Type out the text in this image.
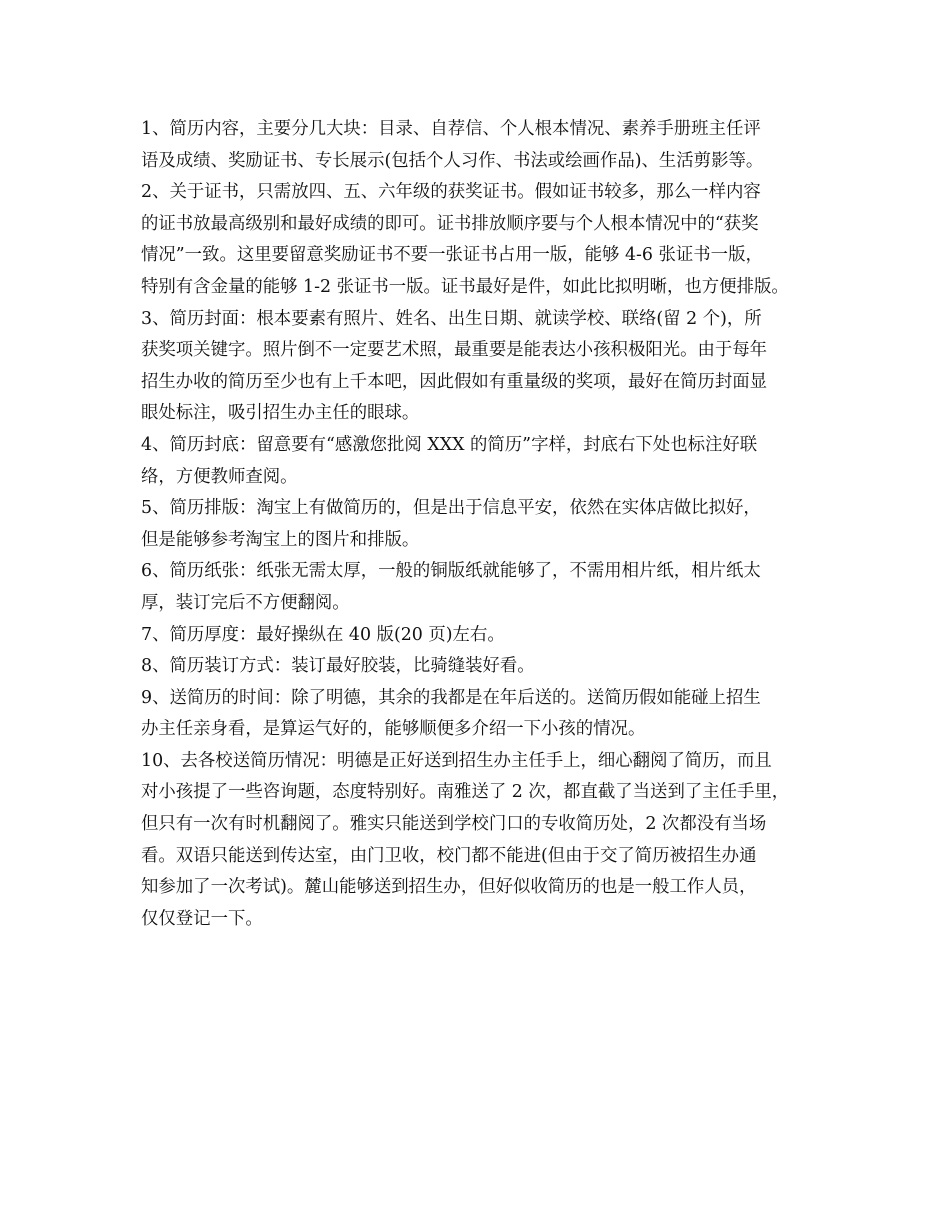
1、简历内容，主要分几大块：目录、自荐信、个人根本情况、素养手册班主任评
语及成绩、奖励证书、专长展示(包括个人习作、书法或绘画作品)、生活剪影等。
2、关于证书，只需放四、五、六年级的获奖证书。假如证书较多，那么一样内容
的证书放最高级别和最好成绩的即可。证书排放顺序要与个人根本情况中的“获奖
情况”一致。这里要留意奖励证书不要一张证书占用一版，能够 4-6 张证书一版，
特别有含金量的能够 1-2 张证书一版。证书最好是件，如此比拟明晰，也方便排版。
3、简历封面：根本要素有照片、姓名、出生日期、就读学校、联络(留 2 个)，所
获奖项关键字。照片倒不一定要艺术照，最重要是能表达小孩积极阳光。由于每年
招生办收的简历至少也有上千本吧，因此假如有重量级的奖项，最好在简历封面显
眼处标注，吸引招生办主任的眼球。
4、简历封底：留意要有“感激您批阅 XXX 的简历”字样，封底右下处也标注好联
络，方便教师查阅。
5、简历排版：淘宝上有做简历的，但是出于信息平安，依然在实体店做比拟好，
但是能够参考淘宝上的图片和排版。
6、简历纸张：纸张无需太厚，一般的铜版纸就能够了，不需用相片纸，相片纸太
厚，装订完后不方便翻阅。
7、简历厚度：最好操纵在 40 版(20 页)左右。
8、简历装订方式：装订最好胶装，比骑缝装好看。
9、送简历的时间：除了明德，其余的我都是在年后送的。送简历假如能碰上招生
办主任亲身看，是算运气好的，能够顺便多介绍一下小孩的情况。
10、去各校送简历情况：明德是正好送到招生办主任手上，细心翻阅了简历，而且
对小孩提了一些咨询题，态度特别好。南雅送了 2 次，都直截了当送到了主任手里，
但只有一次有时机翻阅了。雅实只能送到学校门口的专收简历处，2 次都没有当场
看。双语只能送到传达室，由门卫收，校门都不能进(但由于交了简历被招生办通
知参加了一次考试)。麓山能够送到招生办，但好似收简历的也是一般工作人员，
仅仅登记一下。
